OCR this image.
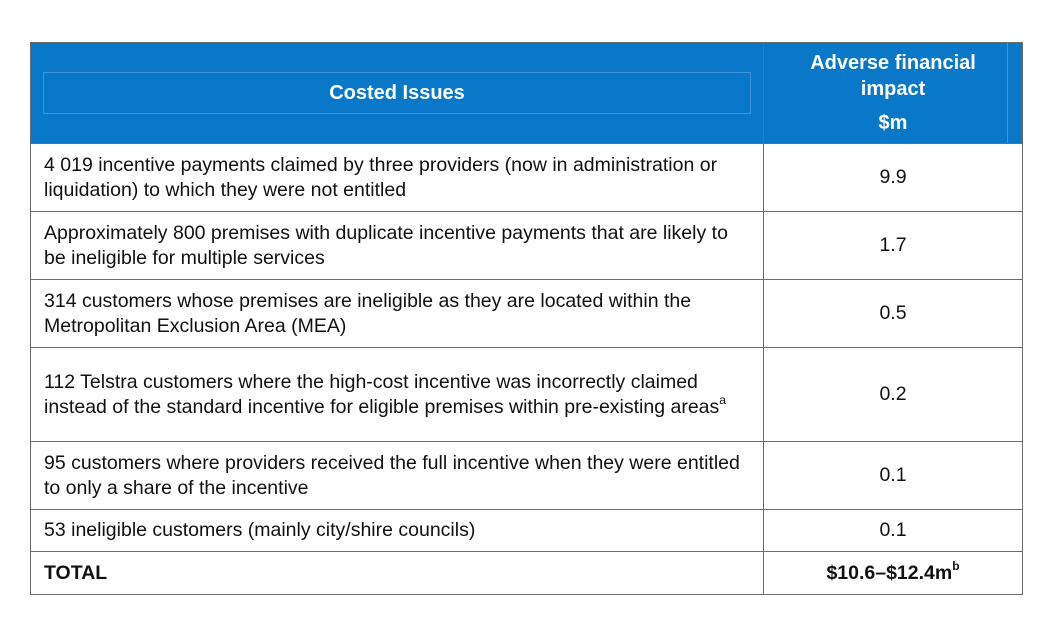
Costed Issues	Adverse financial
impact
$m

4 019 incentive payments claimed by three providers (now in administration or liquidation) to which they were not entitled	9.9
Approximately 800 premises with duplicate incentive payments that are likely to be ineligible for multiple services	1.7
314 customers whose premises are ineligible as they are located within the Metropolitan Exclusion Area (MEA)	0.5
112 Telstra customers where the high-cost incentive was incorrectly claimed instead of the standard incentive for eligible premises within pre-existing areas$^a$	0.2
95 customers where providers received the full incentive when they were entitled to only a share of the incentive	0.1
53 ineligible customers (mainly city/shire councils)	0.1
TOTAL	$\$10.6-\$12.4m^b$
